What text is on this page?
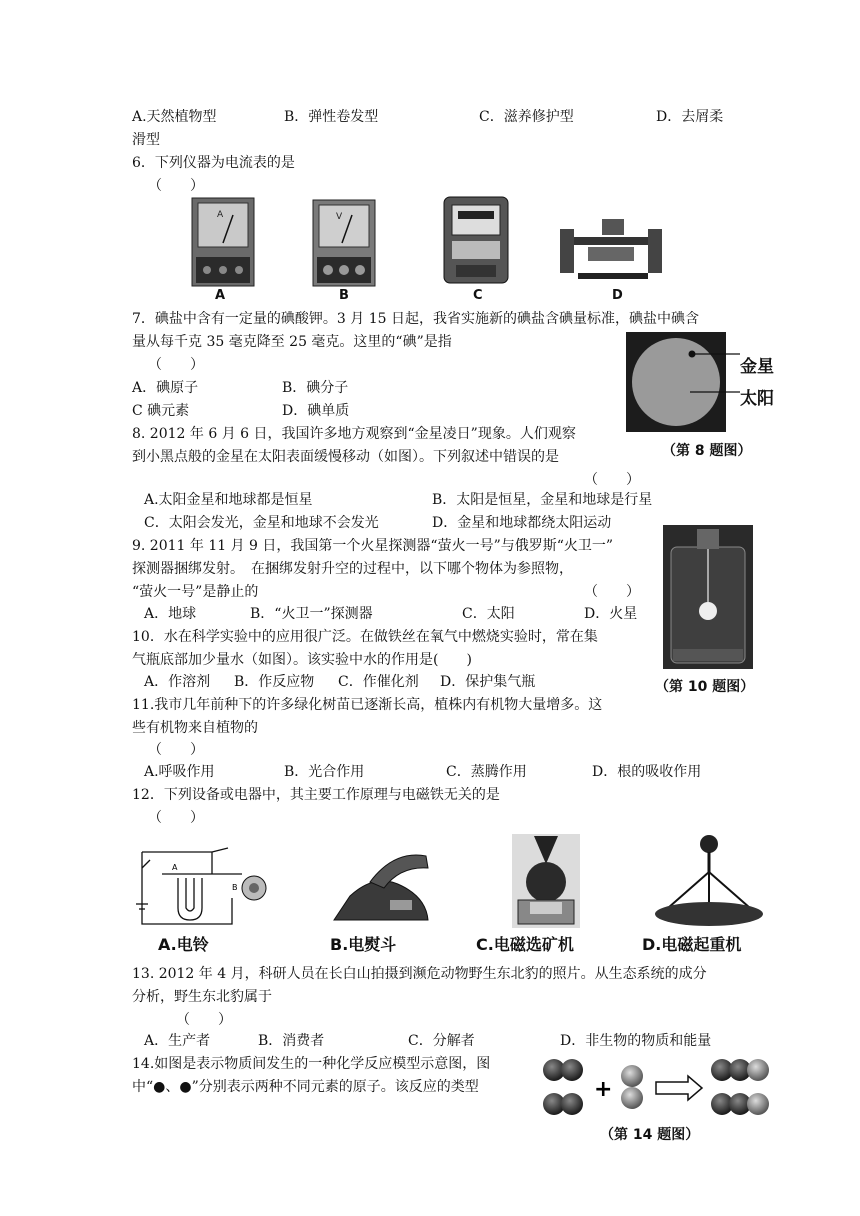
A.天然植物型	B．弹性卷发型	C．滋养修护型	D．去屑柔
滑型
6．下列仪器为电流表的是
（　　）
A	V
A	B	C	D
7．碘盐中含有一定量的碘酸钾。3 月 15 日起，我省实施新的碘盐含碘量标准，碘盐中碘含
量从每千克 35 毫克降至 25 毫克。这里的“碘”是指
（　　）
A．碘原子	B．碘分子
C 碘元素	D．碘单质
金星
太阳
（第 8 题图）
8. 2012 年 6 月 6 日，我国许多地方观察到“金星凌日”现象。人们观察
到小黑点般的金星在太阳表面缓慢移动（如图）。下列叙述中错误的是
（　　）
A.太阳金星和地球都是恒星	B．太阳是恒星，金星和地球是行星
C．太阳会发光，金星和地球不会发光	D．金星和地球都绕太阳运动
（第 10 题图）
9. 2011 年 11 月 9 日，我国第一个火星探测器“萤火一号”与俄罗斯“火卫一”
探测器捆绑发射。　在捆绑发射升空的过程中，以下哪个物体为参照物，
“萤火一号”是静止的	（　　）
A．地球	B．“火卫一”探测器	C．太阳	D．火星
10．水在科学实验中的应用很广泛。在做铁丝在氧气中燃烧实验时，常在集
气瓶底部加少量水（如图）。该实验中水的作用是(　　)
A．作溶剂 B．作反应物 C．作催化剂 D．保护集气瓶
11.我市几年前种下的许多绿化树苗已逐渐长高，植株内有机物大量增多。这
些有机物来自植物的
（　　）
A.呼吸作用	B．光合作用	C．蒸腾作用	D．根的吸收作用
12．下列设备或电器中，其主要工作原理与电磁铁无关的是
（　　）
A
B
A.电铃	B.电熨斗	C.电磁选矿机	D.电磁起重机
13. 2012 年 4 月，科研人员在长白山拍摄到濒危动物野生东北豹的照片。从生态系统的成分
分析，野生东北豹属于
（　　）
A．生产者	B．消费者	C．分解者	D．非生物的物质和能量
14.如图是表示物质间发生的一种化学反应模型示意图，图
中“●、●”分别表示两种不同元素的原子。该反应的类型	+
（第 14 题图）
